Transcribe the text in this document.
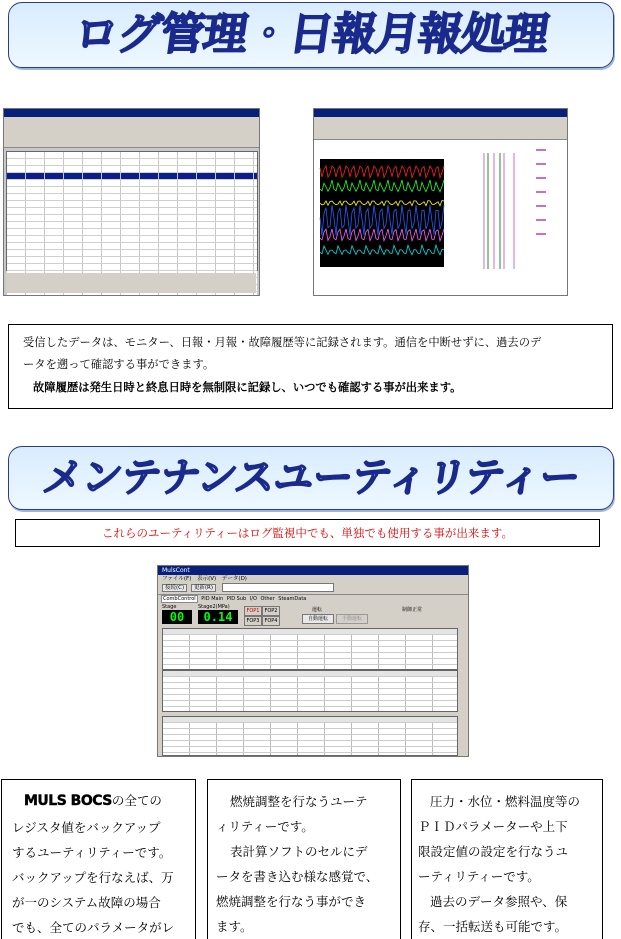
ログ管理・日報月報処理
受信したデータは、モニター、日報・月報・故障履歴等に記録されます。通信を中断せずに、過去のデ
ータを遡って確認する事ができます。
故障履歴は発生日時と終息日時を無制限に記録し、いつでも確認する事が出来ます。
メンテナンスユーティリティー
これらのユーティリティーはログ監視中でも、単独でも使用する事が出来ます。
MulsCont
ファイル(F) 表示(V) データ(D)
接続(C) 更新(R)
CombControl PID Main PID Sub I/O Other SteamData
Stage
00
Stage2(MPa)
0.14	FOP1 FOP2
FOP3 FOP4
運転
自動運転	手動運転
制御正常
MULS BOCSの全ての
レジスタ値をバックアップ
するユーティリティーです。
バックアップを行なえば、万
が一のシステム故障の場合
でも、全てのパラメータがレ
燃焼調整を行なうユーテ
ィリティーです。
表計算ソフトのセルにデ
ータを書き込む様な感覚で、
燃焼調整を行なう事ができ
ます。
圧力・水位・燃料温度等の
ＰＩＤパラメーターや上下
限設定値の設定を行なうユ
ーティリティーです。
過去のデータ参照や、保
存、一括転送も可能です。
